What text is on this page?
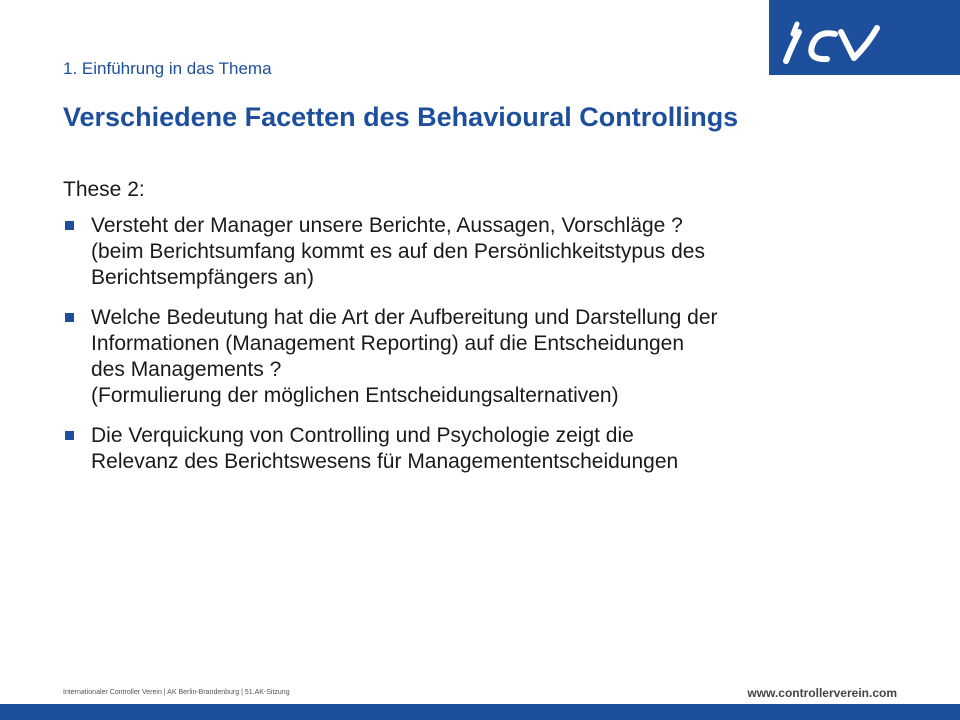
1. Einführung in das Thema
Verschiedene Facetten des Behavioural Controllings
These 2:
Versteht der Manager unsere Berichte, Aussagen, Vorschläge ?
(beim Berichtsumfang kommt es auf den Persönlichkeitstypus des
Berichtsempfängers an)
Welche Bedeutung hat die Art der Aufbereitung und Darstellung der
Informationen (Management Reporting) auf die Entscheidungen
des Managements ?
(Formulierung der möglichen Entscheidungsalternativen)
Die Verquickung von Controlling und Psychologie zeigt die
Relevanz des Berichtswesens für Managemententscheidungen
Internationaler Controller Verein | AK Berlin-Brandenburg | 51.AK-Sitzung	www.controllerverein.com
